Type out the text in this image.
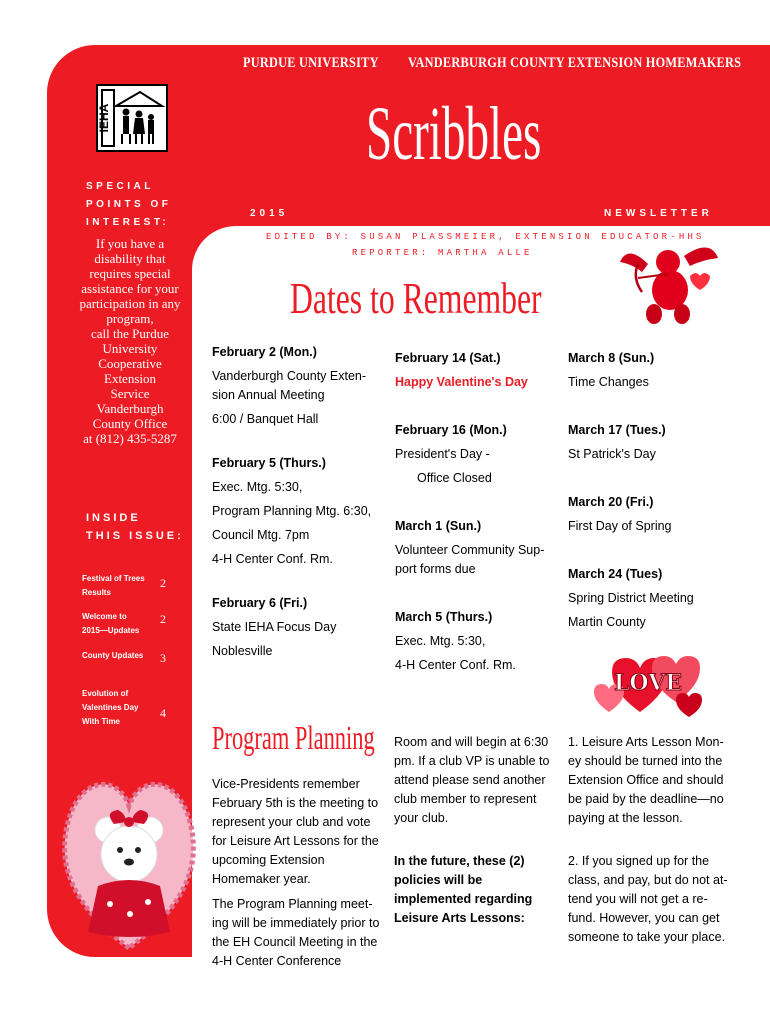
PURDUE UNIVERSITY VANDERBURGH COUNTY EXTENSION HOMEMAKERS
IEHA	Scribbles
SPECIAL
POINTS OF
INTEREST:
2015	NEWSLETTER
EDITED BY: SUSAN PLASSMEIER, EXTENSION EDUCATOR-HHS
REPORTER: MARTHA ALLE
If you have a
disability that
requires special
assistance for your
participation in any
program,
call the Purdue
University
Cooperative
Extension
Service
Vanderburgh
County Office
at (812) 435-5287
INSIDE
THIS ISSUE:
Festival of Trees
Results
2
Welcome to
2015—Updates
2
County Updates 3
Evolution of
Valentines Day
With Time
4
Dates to Remember
February 2 (Mon.)
Vanderburgh County Exten-
sion Annual Meeting
6:00 / Banquet Hall
February 5 (Thurs.)
Exec. Mtg. 5:30,
Program Planning Mtg. 6:30,
Council Mtg. 7pm
4-H Center Conf. Rm.
February 6 (Fri.)
State IEHA Focus Day
Noblesville
February 14 (Sat.)
Happy Valentine's Day
February 16 (Mon.)
President's Day -
Office Closed
March 1 (Sun.)
Volunteer Community Sup-
port forms due
March 5 (Thurs.)
Exec. Mtg. 5:30,
4-H Center Conf. Rm.
March 8 (Sun.)
Time Changes
March 17 (Tues.)
St Patrick's Day
March 20 (Fri.)
First Day of Spring
March 24 (Tues)
Spring District Meeting
Martin County
LOVE
Program Planning

Vice-Presidents remember February 5th is the meeting to represent your club and vote for Leisure Art Lessons for the upcoming Extension Homemaker year.

The Program Planning meet-ing will be immediately prior to the EH Council Meeting in the 4-H Center Conference

Room and will begin at 6:30 pm. If a club VP is unable to attend please send another club member to represent your club.

In the future, these (2) policies will be implemented regarding Leisure Arts Lessons:

1. Leisure Arts Lesson Mon-ey should be turned into the Extension Office and should be paid by the deadline—no paying at the lesson.

2. If you signed up for the class, and pay, but do not at-tend you will not get a re-fund. However, you can get someone to take your place.
